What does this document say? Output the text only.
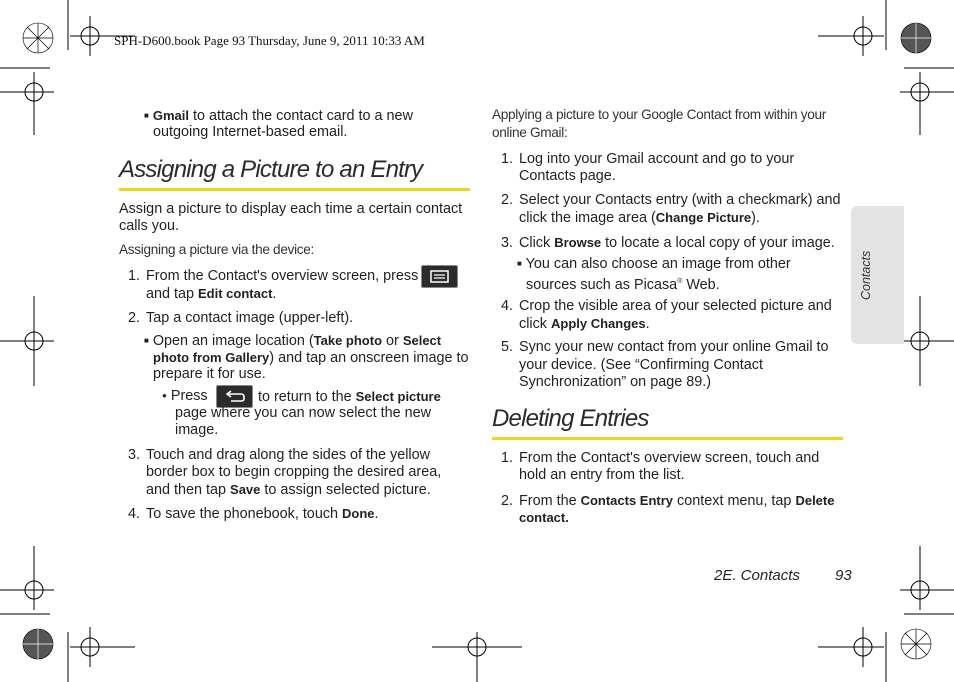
SPH-D600.book Page 93 Thursday, June 9, 2011 10:33 AM
Contacts
■ Gmail to attach the contact card to a new
outgoing Internet-based email.
Assigning a Picture to an Entry
Assign a picture to display each time a certain contact
calls you.
Assigning a picture via the device:
1. From the Contact's overview screen, press
and tap Edit contact.
2. Tap a contact image (upper-left).
■ Open an image location (Take photo or Select
photo from Gallery) and tap an onscreen image to
prepare it for use.
● Press	to return to the Select picture
page where you can now select the new
image.
3. Touch and drag along the sides of the yellow
border box to begin cropping the desired area,
and then tap Save to assign selected picture.
4. To save the phonebook, touch Done.
Applying a picture to your Google Contact from within your
online Gmail:
1. Log into your Gmail account and go to your
Contacts page.
2. Select your Contacts entry (with a checkmark) and
click the image area (Change Picture).
3. Click Browse to locate a local copy of your image.
■ You can also choose an image from other
sources such as Picasa® Web.
4. Crop the visible area of your selected picture and
click Apply Changes.
5. Sync your new contact from your online Gmail to
your device. (See “Confirming Contact
Synchronization” on page 89.)
Deleting Entries
1. From the Contact's overview screen, touch and
hold an entry from the list.
2. From the Contacts Entry context menu, tap Delete
contact.
2E. Contacts 93
